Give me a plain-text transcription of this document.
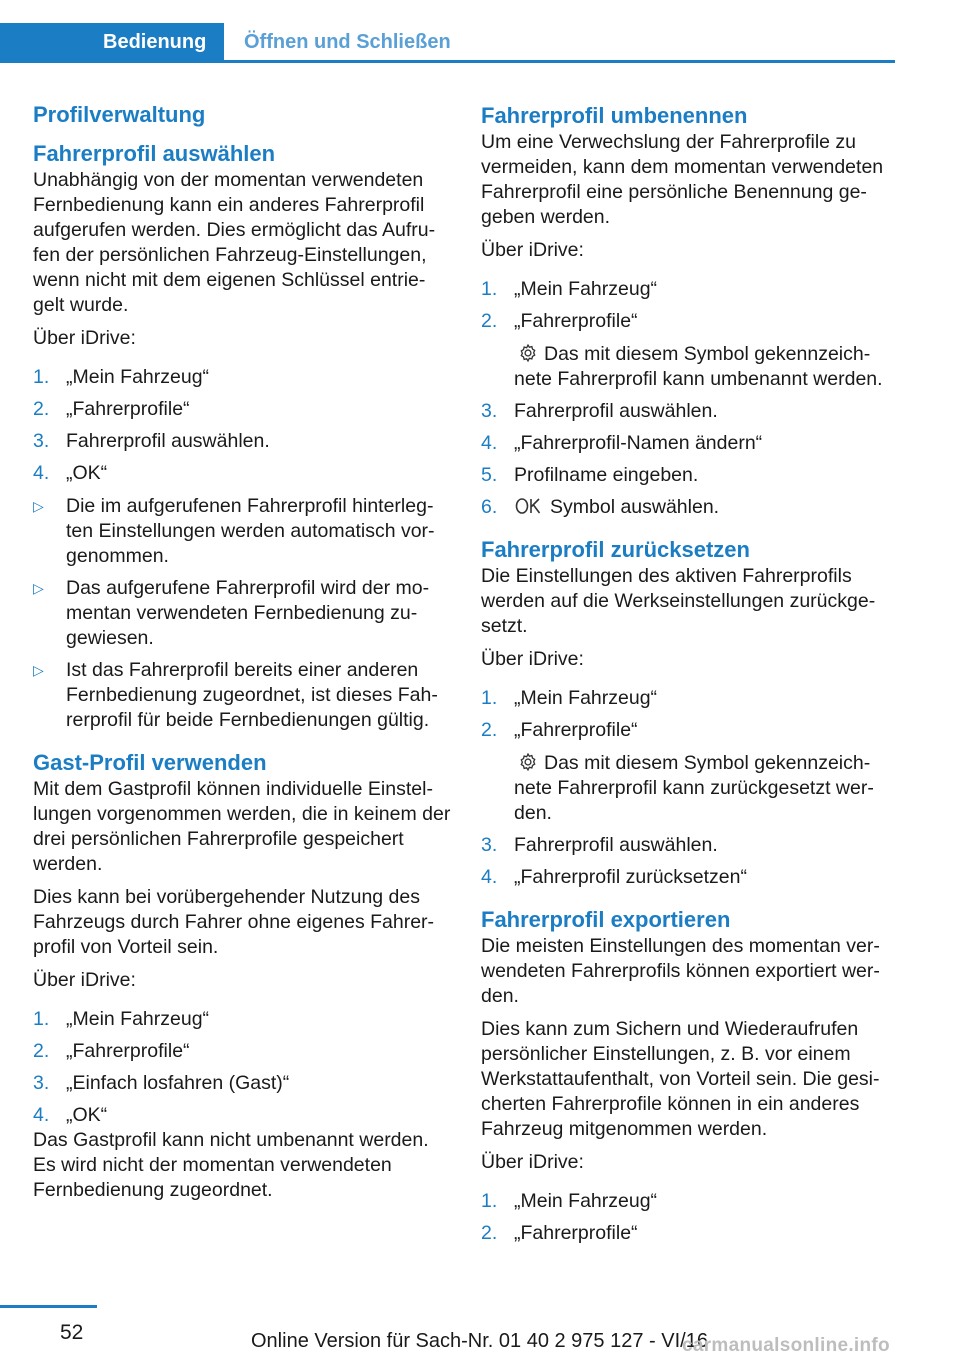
Bedienung	Öffnen und Schließen
Profilverwaltung
Fahrerprofil auswählen

Unabhängig von der momentan verwendeten Fernbedienung kann ein anderes Fahrerprofil aufgerufen werden. Dies ermöglicht das Aufru-fen der persönlichen Fahrzeug-Einstellungen, wenn nicht mit dem eigenen Schlüssel entrie-gelt wurde.

Über iDrive:

1. „Mein Fahrzeug“
2. „Fahrerprofile“
3. Fahrerprofil auswählen.
4. „OK“
▷	Die im aufgerufenen Fahrerprofil hinterleg-ten Einstellungen werden automatisch vor-genommen.
▷	Das aufgerufene Fahrerprofil wird der mo-mentan verwendeten Fernbedienung zu-gewiesen.
▷	Ist das Fahrerprofil bereits einer anderen Fernbedienung zugeordnet, ist dieses Fah-rerprofil für beide Fernbedienungen gültig.
Gast-Profil verwenden

Mit dem Gastprofil können individuelle Einstel-lungen vorgenommen werden, die in keinem der drei persönlichen Fahrerprofile gespeichert werden.

Dies kann bei vorübergehender Nutzung des Fahrzeugs durch Fahrer ohne eigenes Fahrer-profil von Vorteil sein.

Über iDrive:

1. „Mein Fahrzeug“
2. „Fahrerprofile“
3. „Einfach losfahren (Gast)“
4. „OK“

Das Gastprofil kann nicht umbenannt werden. Es wird nicht der momentan verwendeten Fernbedienung zugeordnet.

Fahrerprofil umbenennen

Um eine Verwechslung der Fahrerprofile zu vermeiden, kann dem momentan verwendeten Fahrerprofil eine persönliche Benennung ge-geben werden.

Über iDrive:

1. „Mein Fahrzeug“
2. „Fahrerprofile“
Das mit diesem Symbol gekennzeich-nete Fahrerprofil kann umbenannt werden.
3. Fahrerprofil auswählen.
4. „Fahrerprofil-Namen ändern“
5. Profilname eingeben.
6.	Symbol auswählen.
Fahrerprofil zurücksetzen

Die Einstellungen des aktiven Fahrerprofils werden auf die Werkseinstellungen zurückge-setzt.

Über iDrive:

1. „Mein Fahrzeug“
2. „Fahrerprofile“
Das mit diesem Symbol gekennzeich-nete Fahrerprofil kann zurückgesetzt wer-den.
3. Fahrerprofil auswählen.
4. „Fahrerprofil zurücksetzen“
Fahrerprofil exportieren

Die meisten Einstellungen des momentan ver-wendeten Fahrerprofils können exportiert wer-den.

Dies kann zum Sichern und Wiederaufrufen persönlicher Einstellungen, z. B. vor einem Werkstattaufenthalt, von Vorteil sein. Die gesi-cherten Fahrerprofile können in ein anderes Fahrzeug mitgenommen werden.

Über iDrive:

1. „Mein Fahrzeug“
2. „Fahrerprofile“
52	Online Version für Sach-Nr. 01 40 2 975 127 - VI/16
carmanualsonline.info
